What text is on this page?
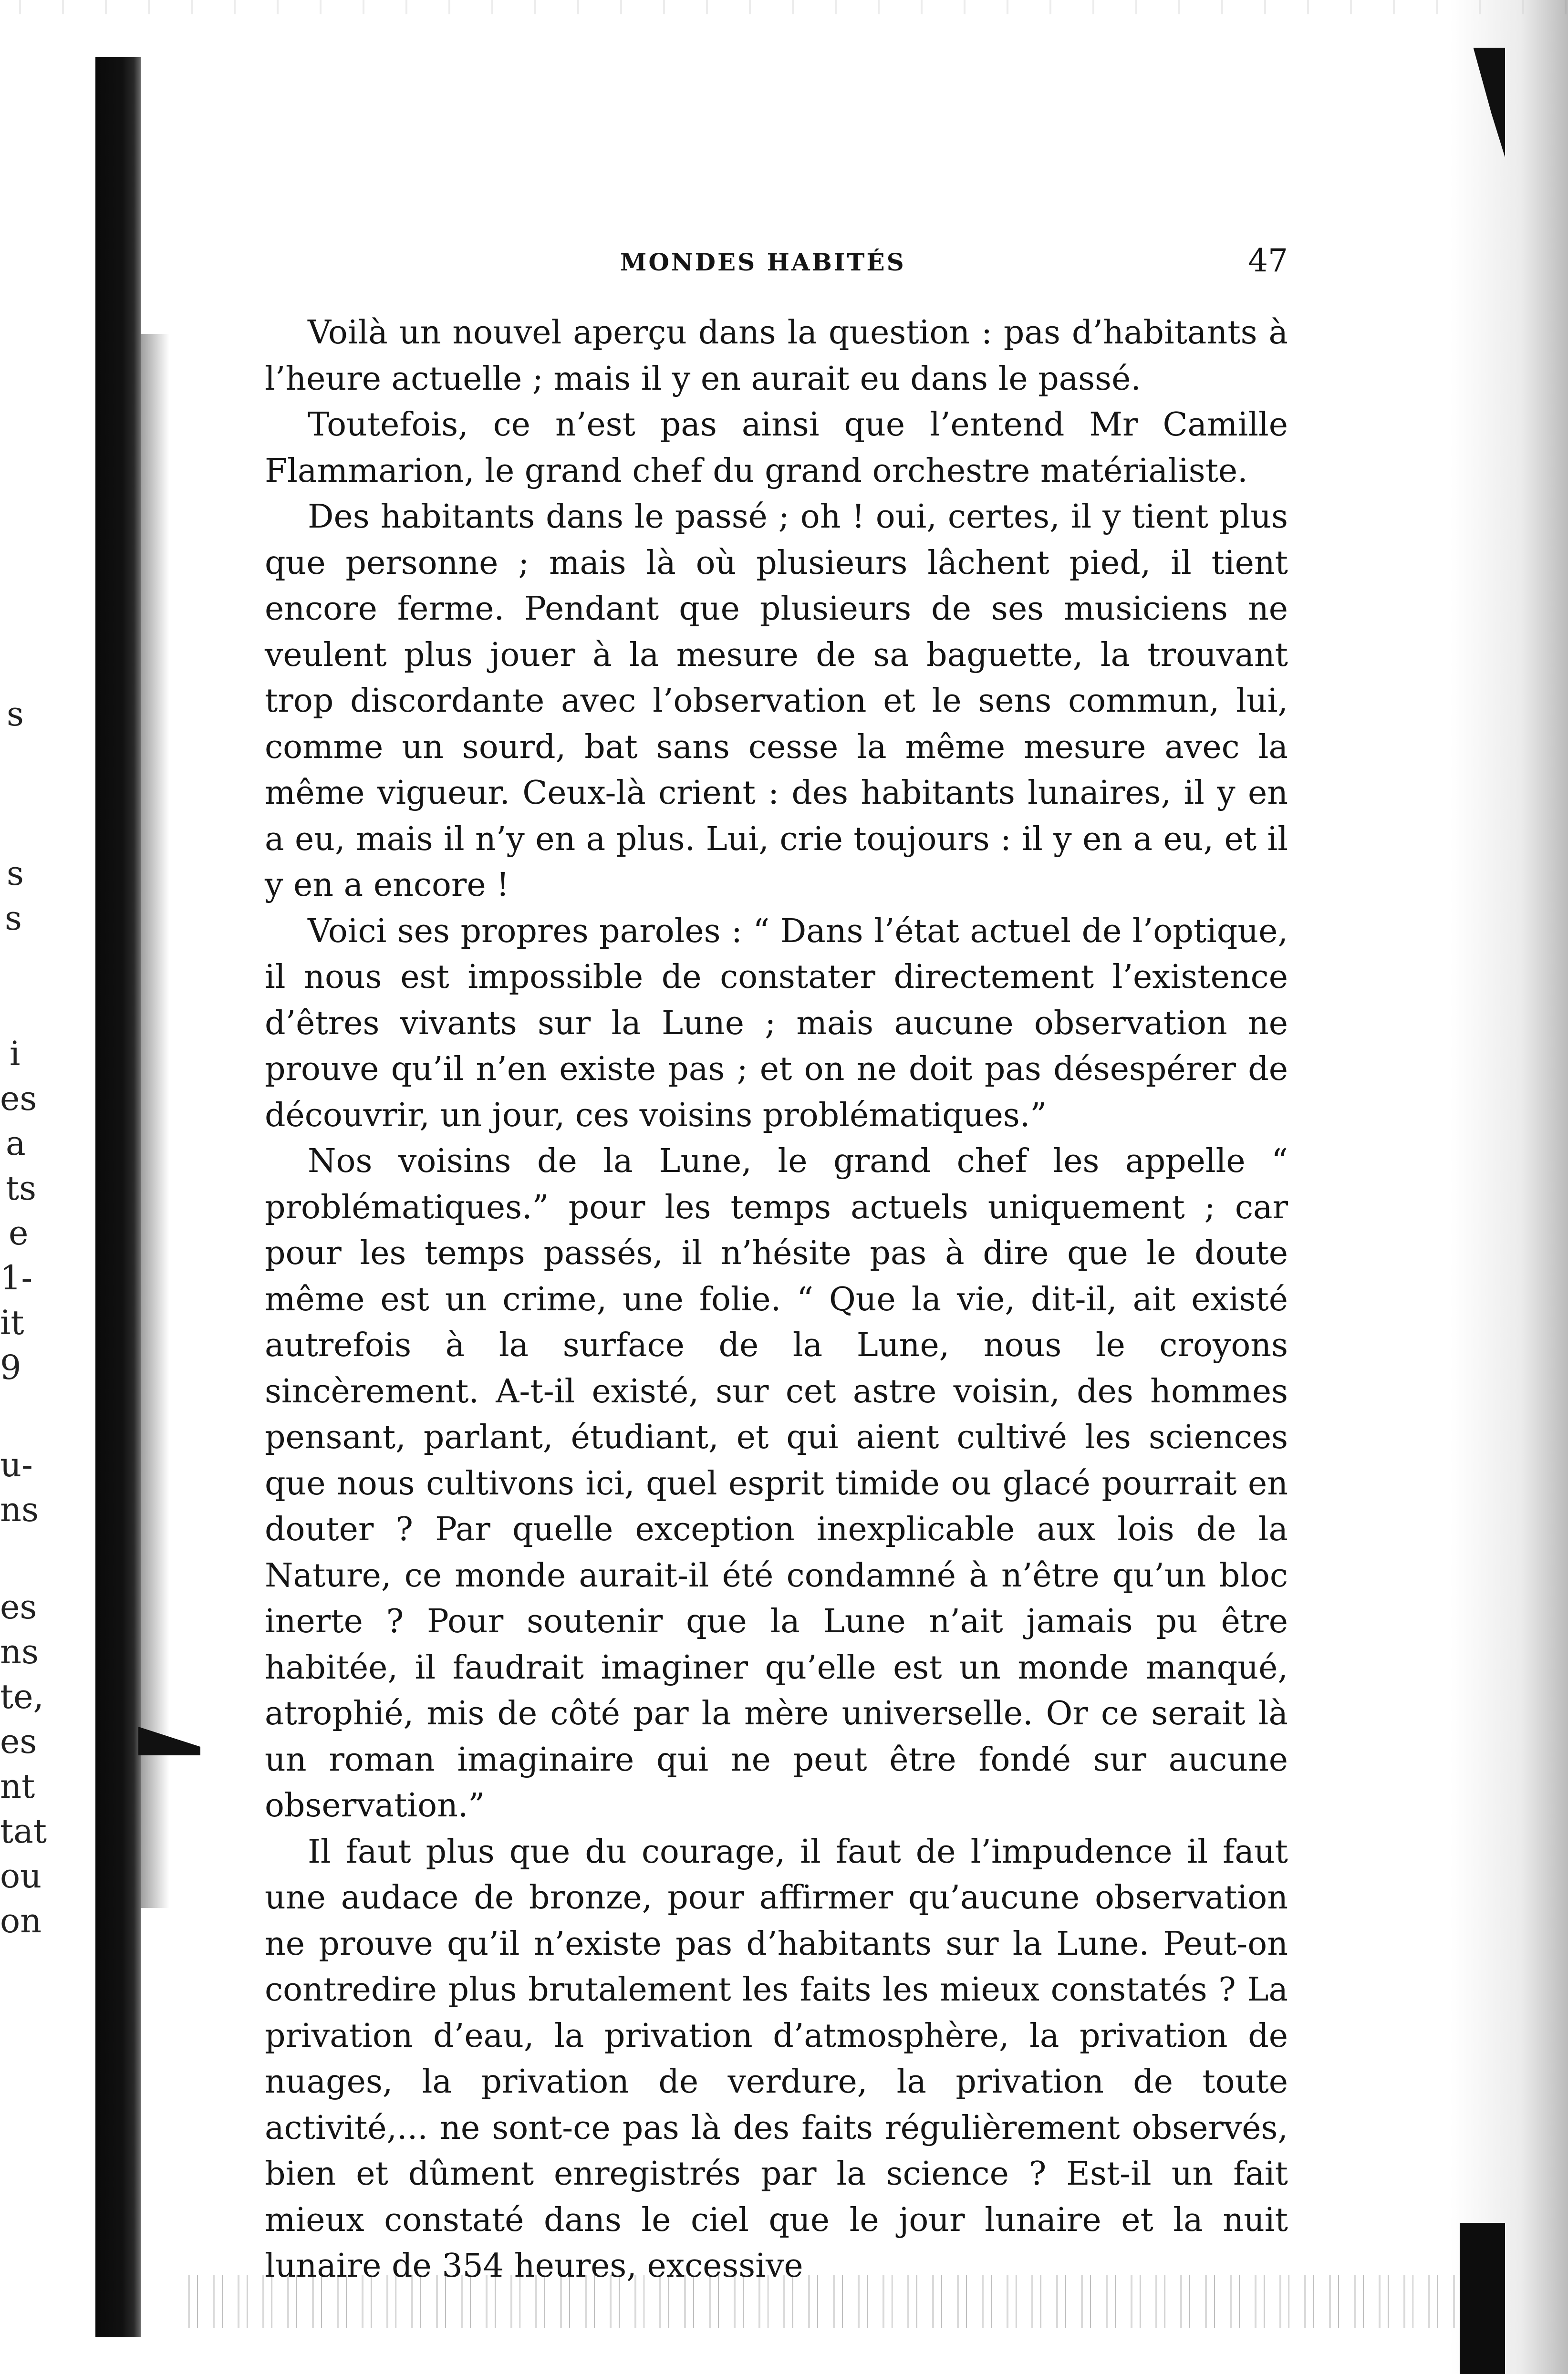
s
s
s
i
es
a
ts
e
1-
it
9
u-
ns
es
ns
te,
es
nt
tat
ou
on
MONDES HABITÉS	47

Voilà un nouvel aperçu dans la question : pas d’habitants à l’heure actuelle ; mais il y en aurait eu dans le passé.

Toutefois, ce n’est pas ainsi que l’entend Mr Camille Flammarion, le grand chef du grand orchestre matérialiste.

Des habitants dans le passé ; oh ! oui, certes, il y tient plus que personne ; mais là où plusieurs lâchent pied, il tient encore ferme. Pendant que plusieurs de ses musiciens ne veulent plus jouer à la mesure de sa baguette, la trouvant trop discordante avec l’observation et le sens commun, lui, comme un sourd, bat sans cesse la même mesure avec la même vigueur. Ceux-là crient : des habitants lunaires, il y en a eu, mais il n’y en a plus. Lui, crie toujours : il y en a eu, et il y en a encore !

Voici ses propres paroles : “ Dans l’état actuel de l’optique, il nous est impossible de constater directement l’existence d’êtres vivants sur la Lune ; mais aucune observation ne prouve qu’il n’en existe pas ; et on ne doit pas désespérer de découvrir, un jour, ces voisins problématiques.”

Nos voisins de la Lune, le grand chef les appelle “ problématiques.” pour les temps actuels uniquement ; car pour les temps passés, il n’hésite pas à dire que le doute même est un crime, une folie. “ Que la vie, dit-il, ait existé autrefois à la surface de la Lune, nous le croyons sincèrement. A-t-il existé, sur cet astre voisin, des hommes pensant, parlant, étudiant, et qui aient cultivé les sciences que nous cultivons ici, quel esprit timide ou glacé pourrait en douter ? Par quelle exception inexplicable aux lois de la Nature, ce monde aurait-il été condamné à n’être qu’un bloc inerte ? Pour soutenir que la Lune n’ait jamais pu être habitée, il faudrait imaginer qu’elle est un monde manqué, atrophié, mis de côté par la mère universelle. Or ce serait là un roman imaginaire qui ne peut être fondé sur aucune observation.”

Il faut plus que du courage, il faut de l’impudence il faut une audace de bronze, pour affirmer qu’aucune observation ne prouve qu’il n’existe pas d’habitants sur la Lune. Peut-on contredire plus brutalement les faits les mieux constatés ? La privation d’eau, la privation d’atmosphère, la privation de nuages, la privation de verdure, la privation de toute activité,... ne sont-ce pas là des faits régulièrement observés, bien et dûment enregistrés par la science ? Est-il un fait mieux constaté dans le ciel que le jour lunaire et la nuit lunaire de 354 heures, excessive
